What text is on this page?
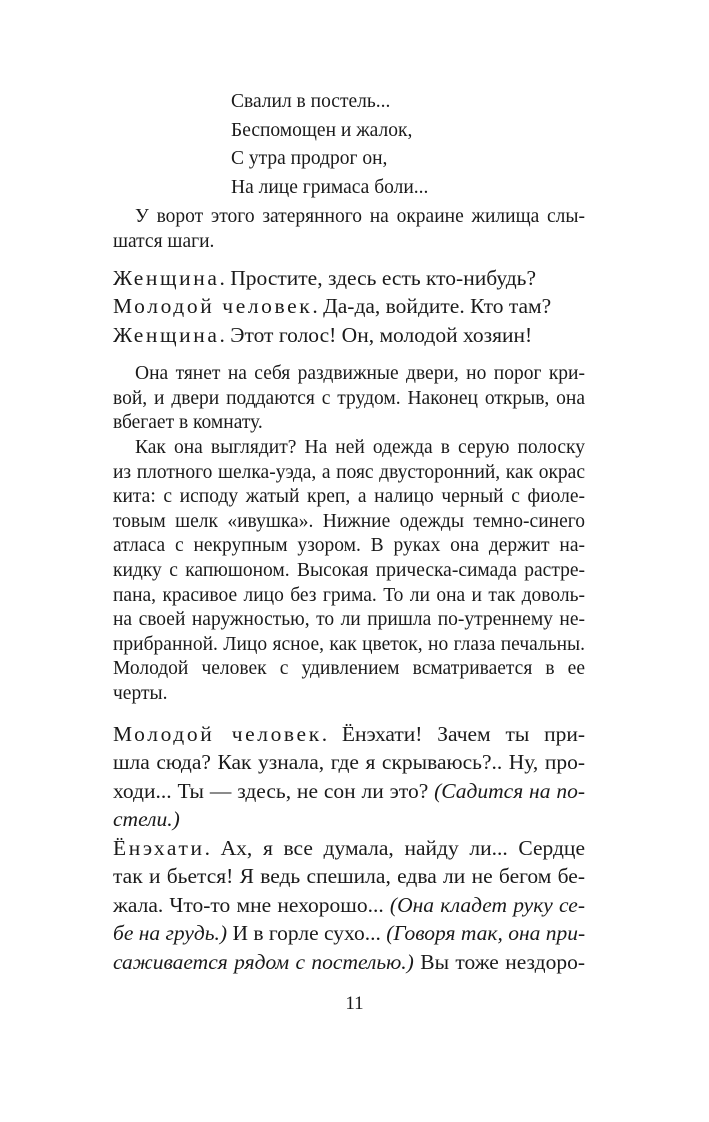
Свалил в постель...
Беспомощен и жалок,
С утра продрог он,
На лице гримаса боли...
У ворот этого затерянного на окраине жилища слы-
шатся шаги.
Женщина. Простите, здесь есть кто-нибудь?
Молодой человек. Да-да, войдите. Кто там?
Женщина. Этот голос! Он, молодой хозяин!
Она тянет на себя раздвижные двери, но порог кри-
вой, и двери поддаются с трудом. Наконец открыв, она
вбегает в комнату.
Как она выглядит? На ней одежда в серую полоску
из плотного шелка-уэда, а пояс двусторонний, как окрас
кита: с исподу жатый креп, а налицо черный с фиоле-
товым шелк «ивушка». Нижние одежды темно-синего
атласа с некрупным узором. В руках она держит на-
кидку с капюшоном. Высокая прическа-симада растре-
пана, красивое лицо без грима. То ли она и так доволь-
на своей наружностью, то ли пришла по-утреннему не-
прибранной. Лицо ясное, как цветок, но глаза печальны.
Молодой человек с удивлением всматривается в ее
черты.
Молодой человек. Ёнэхати! Зачем ты при-
шла сюда? Как узнала, где я скрываюсь?.. Ну, про-
ходи... Ты — здесь, не сон ли это? (Садится на по-
стели.)
Ёнэхати. Ах, я все думала, найду ли... Сердце
так и бьется! Я ведь спешила, едва ли не бегом бе-
жала. Что-то мне нехорошо... (Она кладет руку се-
бе на грудь.) И в горле сухо... (Говоря так, она при-
саживается рядом с постелью.) Вы тоже нездоро-
11
